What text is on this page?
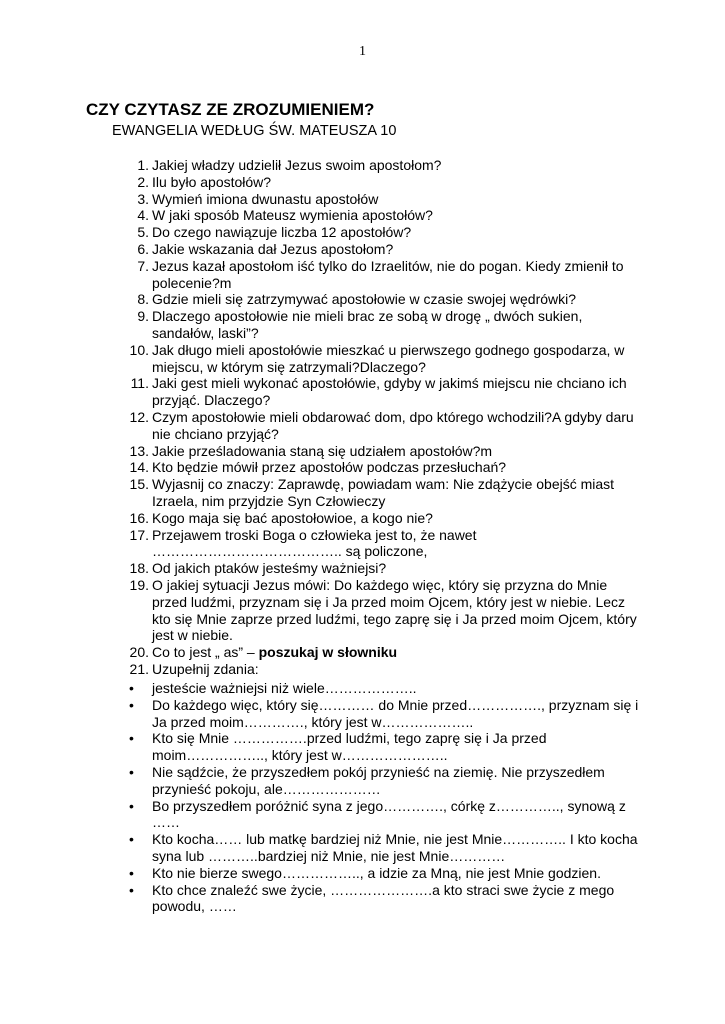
1
CZY CZYTASZ ZE ZROZUMIENIEM?
EWANGELIA WEDŁUG ŚW. MATEUSZA 10
1. Jakiej władzy udzielił Jezus swoim apostołom?
2. Ilu było apostołów?
3. Wymień imiona dwunastu apostołów
4. W jaki sposób Mateusz wymienia apostołów?
5. Do czego nawiązuje liczba 12 apostołów?
6. Jakie wskazania dał Jezus apostołom?
7. Jezus kazał apostołom iść tylko do Izraelitów, nie do pogan. Kiedy zmienił to polecenie?m
8. Gdzie mieli się zatrzymywać apostołowie w czasie swojej wędrówki?
9. Dlaczego apostołowie nie mieli brac ze sobą w drogę „ dwóch sukien, sandałów, laski”?
10. Jak długo mieli apostołówie mieszkać u pierwszego godnego gospodarza, w miejscu, w którym się zatrzymali?Dlaczego?
11. Jaki gest mieli wykonać apostołówie, gdyby w jakimś miejscu nie chciano ich przyjąć. Dlaczego?
12. Czym apostołowie mieli obdarować dom, dpo którego wchodzili?A gdyby daru nie chciano przyjąć?
13. Jakie prześladowania staną się udziałem apostołów?m
14. Kto będzie mówił przez apostołów podczas przesłuchań?
15. Wyjasnij co znaczy: Zaprawdę, powiadam wam: Nie zdążycie obejść miast Izraela, nim przyjdzie Syn Człowieczy
16. Kogo maja się bać apostołowioe, a kogo nie?
17. Przejawem troski Boga o człowieka jest to, że nawet ………………………………….. są policzone,
18. Od jakich ptaków jesteśmy ważniejsi?
19. O jakiej sytuacji Jezus mówi: Do każdego więc, który się przyzna do Mnie przed ludźmi, przyznam się i Ja przed moim Ojcem, który jest w niebie. Lecz kto się Mnie zaprze przed ludźmi, tego zaprę się i Ja przed moim Ojcem, który jest w niebie.
20. Co to jest „ as” – poszukaj w słowniku
21. Uzupełnij zdania:
• jesteście ważniejsi niż wiele………………..
• Do każdego więc, który się………… do Mnie przed……………., przyznam się i Ja przed moim…………., który jest w………………..
• Kto się Mnie …………….przed ludźmi, tego zaprę się i Ja przed moim…………….., który jest w…………………..
• Nie sądźcie, że przyszedłem pokój przynieść na ziemię. Nie przyszedłem przynieść pokoju, ale…………………
• Bo przyszedłem poróżnić syna z jego…………., córkę z………….., synową z ……
• Kto kocha…… lub matkę bardziej niż Mnie, nie jest Mnie………….. I kto kocha syna lub ………..bardziej niż Mnie, nie jest Mnie…………
• Kto nie bierze swego…………….., a idzie za Mną, nie jest Mnie godzien.
• Kto chce znaleźć swe życie, ………………….a kto straci swe życie z mego powodu, ……
